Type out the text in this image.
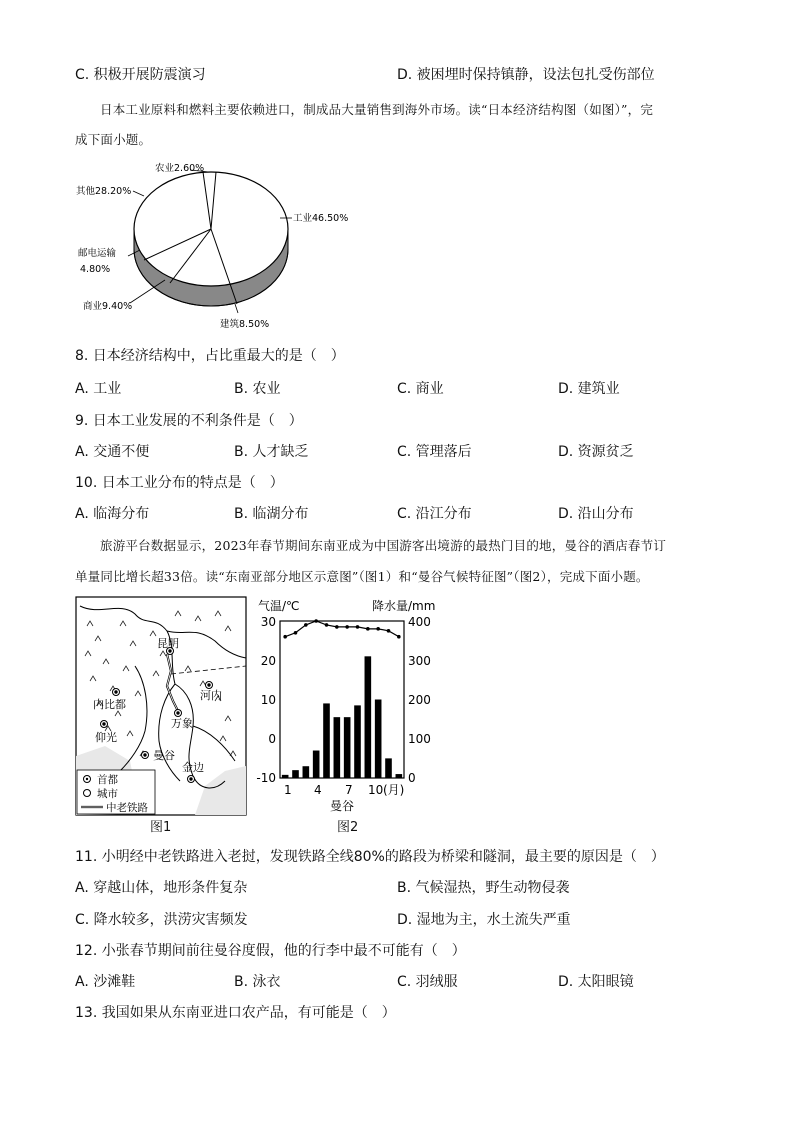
C. 积极开展防震演习	D. 被困埋时保持镇静，设法包扎受伤部位
日本工业原料和燃料主要依赖进口，制成品大量销售到海外市场。读“日本经济结构图（如图）”，完
成下面小题。
农业2.60%
其他28.20%
邮电运输
4.80%
商业9.40%
建筑8.50%
工业46.50%
8. 日本经济结构中，占比重最大的是（　）
A. 工业	B. 农业	C. 商业	D. 建筑业
9. 日本工业发展的不利条件是（　）
A. 交通不便	B. 人才缺乏	C. 管理落后	D. 资源贫乏
10. 日本工业分布的特点是（　）
A. 临海分布	B. 临湖分布	C. 沿江分布	D. 沿山分布
旅游平台数据显示，2023年春节期间东南亚成为中国游客出境游的最热门目的地，曼谷的酒店春节订
单量同比增长超33倍。读“东南亚部分地区示意图”（图1）和“曼谷气候特征图”（图2），完成下面小题。
昆明
内比都
河内
万象
仰光
曼谷
金边
首都
城市
中老铁路
图1
气温/℃	降水量/mm
30
20
10
0
-10
400
300
200
100
0
1 4 7 10 (月)
曼谷
图2
11. 小明经中老铁路进入老挝，发现铁路全线80%的路段为桥梁和隧洞，最主要的原因是（　）
A. 穿越山体，地形条件复杂	B. 气候湿热，野生动物侵袭
C. 降水较多，洪涝灾害频发	D. 湿地为主，水土流失严重
12. 小张春节期间前往曼谷度假，他的行李中最不可能有（　）
A. 沙滩鞋	B. 泳衣	C. 羽绒服	D. 太阳眼镜
13. 我国如果从东南亚进口农产品，有可能是（　）
